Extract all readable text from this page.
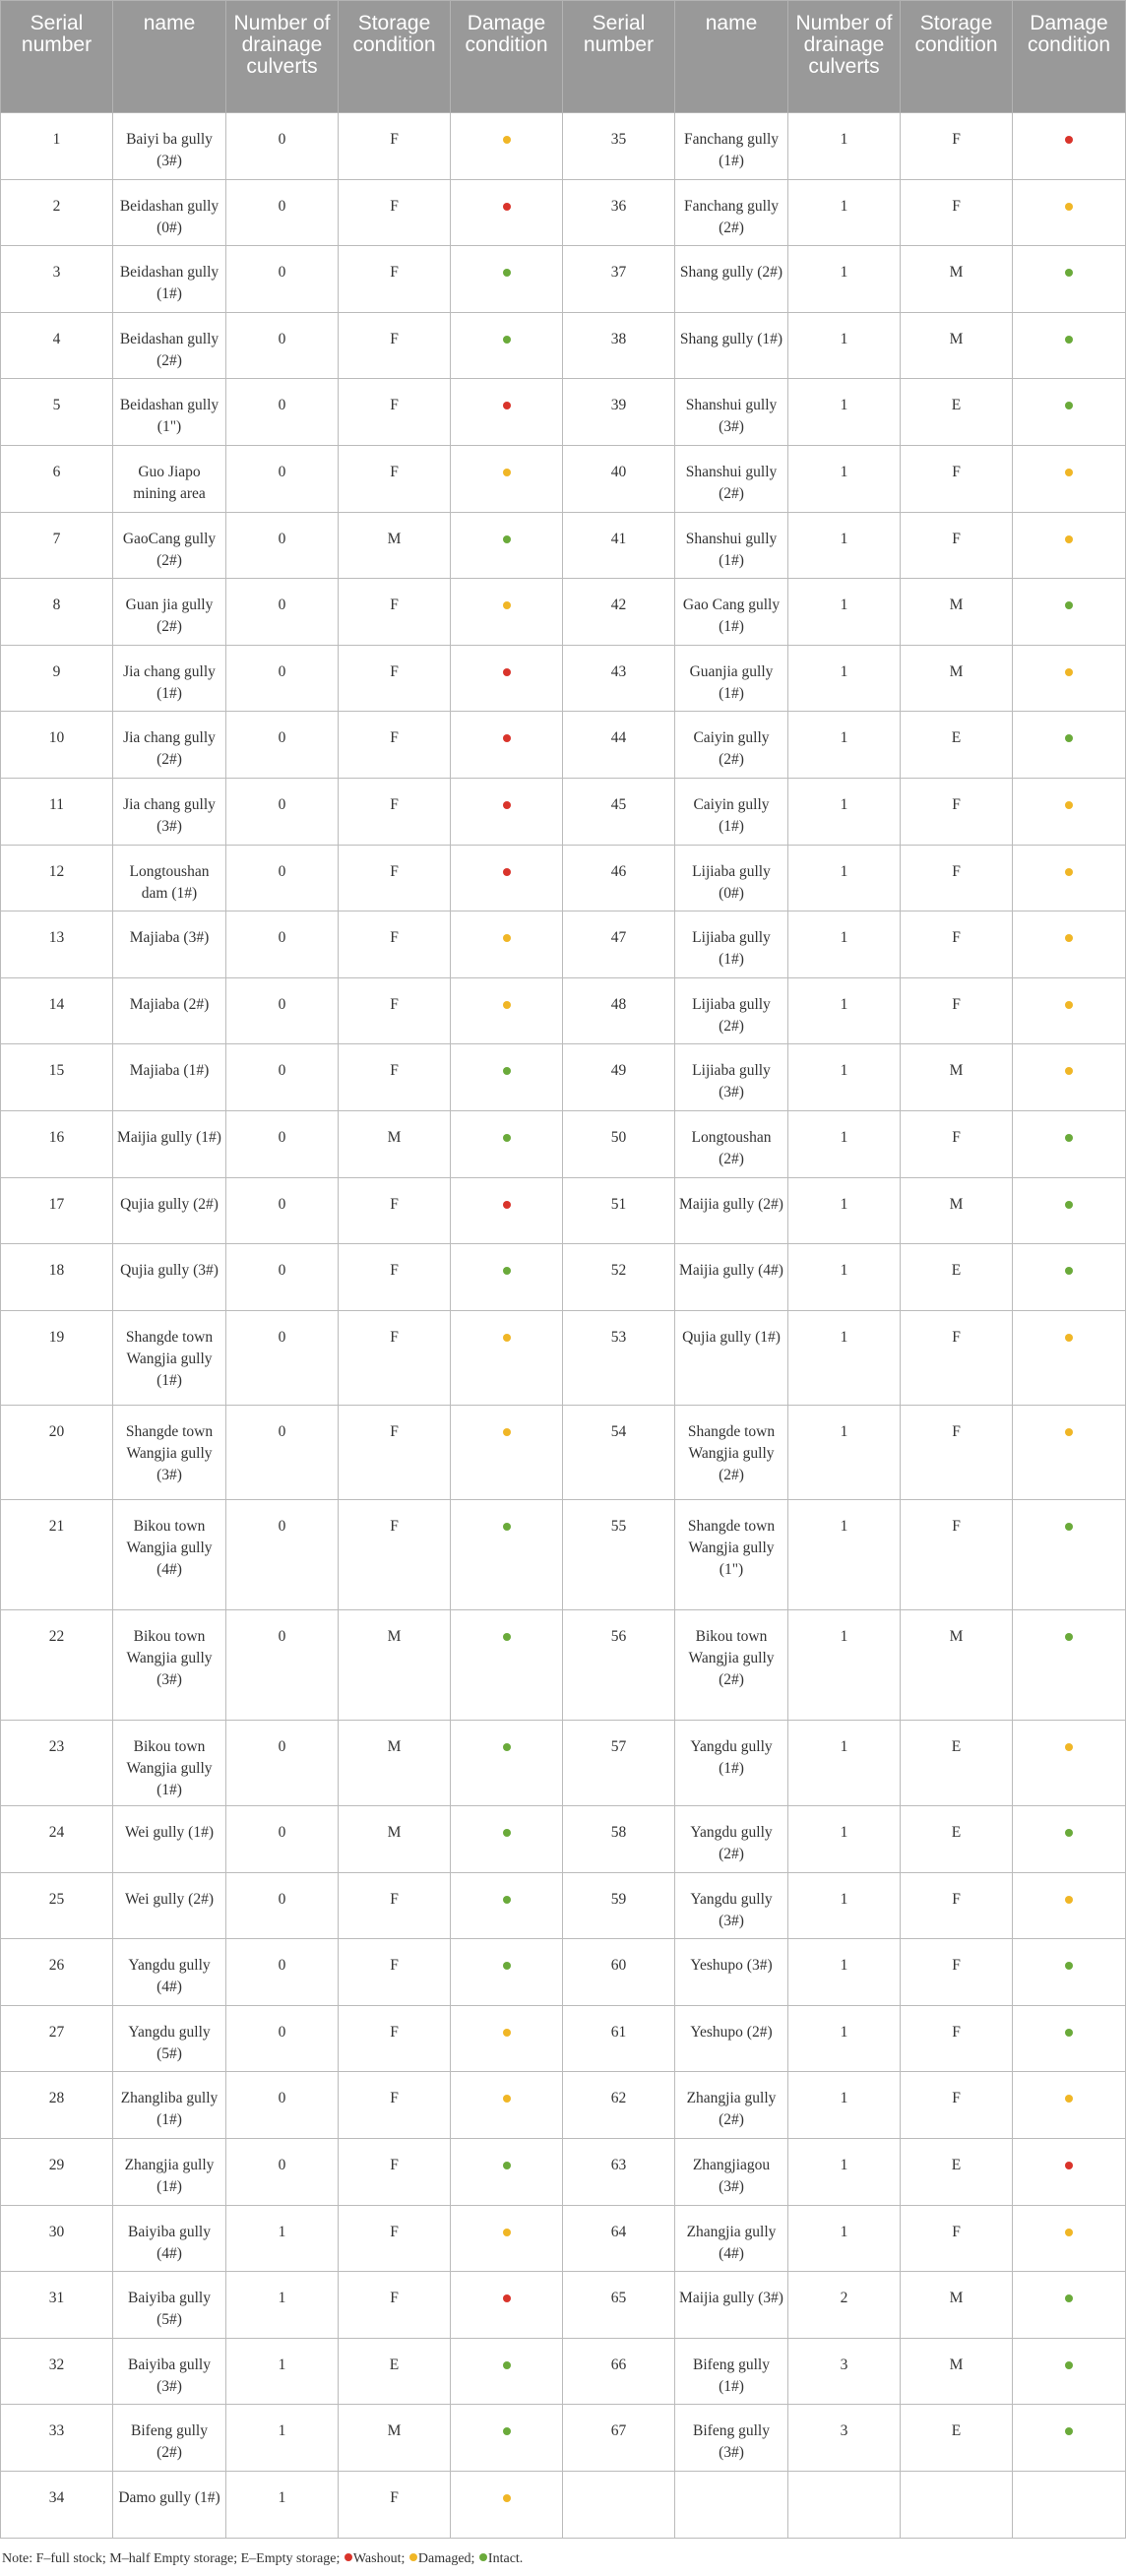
Serial number	name	Number of drainage culverts	Storage condition	Damage condition	Serial number	name	Number of drainage culverts	Storage condition	Damage condition
1	Baiyi ba gully (3#)	0	F		35	Fanchang gully (1#)	1	F	
2	Beidashan gully (0#)	0	F		36	Fanchang gully (2#)	1	F	
3	Beidashan gully (1#)	0	F		37	Shang gully (2#)	1	M	
4	Beidashan gully (2#)	0	F		38	Shang gully (1#)	1	M	
5	Beidashan gully (1")	0	F		39	Shanshui gully (3#)	1	E	
6	Guo Jiapo mining area	0	F		40	Shanshui gully (2#)	1	F	
7	GaoCang gully (2#)	0	M		41	Shanshui gully (1#)	1	F	
8	Guan jia gully (2#)	0	F		42	Gao Cang gully (1#)	1	M	
9	Jia chang gully (1#)	0	F		43	Guanjia gully (1#)	1	M	
10	Jia chang gully (2#)	0	F		44	Caiyin gully (2#)	1	E	
11	Jia chang gully (3#)	0	F		45	Caiyin gully (1#)	1	F	
12	Longtoushan dam (1#)	0	F		46	Lijiaba gully (0#)	1	F	
13	Majiaba (3#)	0	F		47	Lijiaba gully (1#)	1	F	
14	Majiaba (2#)	0	F		48	Lijiaba gully (2#)	1	F	
15	Majiaba (1#)	0	F		49	Lijiaba gully (3#)	1	M	
16	Maijia gully (1#)	0	M		50	Longtoushan (2#)	1	F	
17	Qujia gully (2#)	0	F		51	Maijia gully (2#)	1	M	
18	Qujia gully (3#)	0	F		52	Maijia gully (4#)	1	E	
19	Shangde town Wangjia gully (1#)	0	F		53	Qujia gully (1#)	1	F	
20	Shangde town Wangjia gully (3#)	0	F		54	Shangde town Wangjia gully (2#)	1	F	
21	Bikou town Wangjia gully (4#)	0	F		55	Shangde town Wangjia gully (1")	1	F	
22	Bikou town Wangjia gully (3#)	0	M		56	Bikou town Wangjia gully (2#)	1	M	
23	Bikou town Wangjia gully (1#)	0	M		57	Yangdu gully (1#)	1	E	
24	Wei gully (1#)	0	M		58	Yangdu gully (2#)	1	E	
25	Wei gully (2#)	0	F		59	Yangdu gully (3#)	1	F	
26	Yangdu gully (4#)	0	F		60	Yeshupo (3#)	1	F	
27	Yangdu gully (5#)	0	F		61	Yeshupo (2#)	1	F	
28	Zhangliba gully (1#)	0	F		62	Zhangjia gully (2#)	1	F	
29	Zhangjia gully (1#)	0	F		63	Zhangjiagou (3#)	1	E	
30	Baiyiba gully (4#)	1	F		64	Zhangjia gully (4#)	1	F	
31	Baiyiba gully (5#)	1	F		65	Maijia gully (3#)	2	M	
32	Baiyiba gully (3#)	1	E		66	Bifeng gully (1#)	3	M	
33	Bifeng gully (2#)	1	M		67	Bifeng gully (3#)	3	E	
34	Damo gully (1#)	1	F						
Note: F–full stock; M–half Empty storage; E–Empty storage; Washout; Damaged; Intact.
